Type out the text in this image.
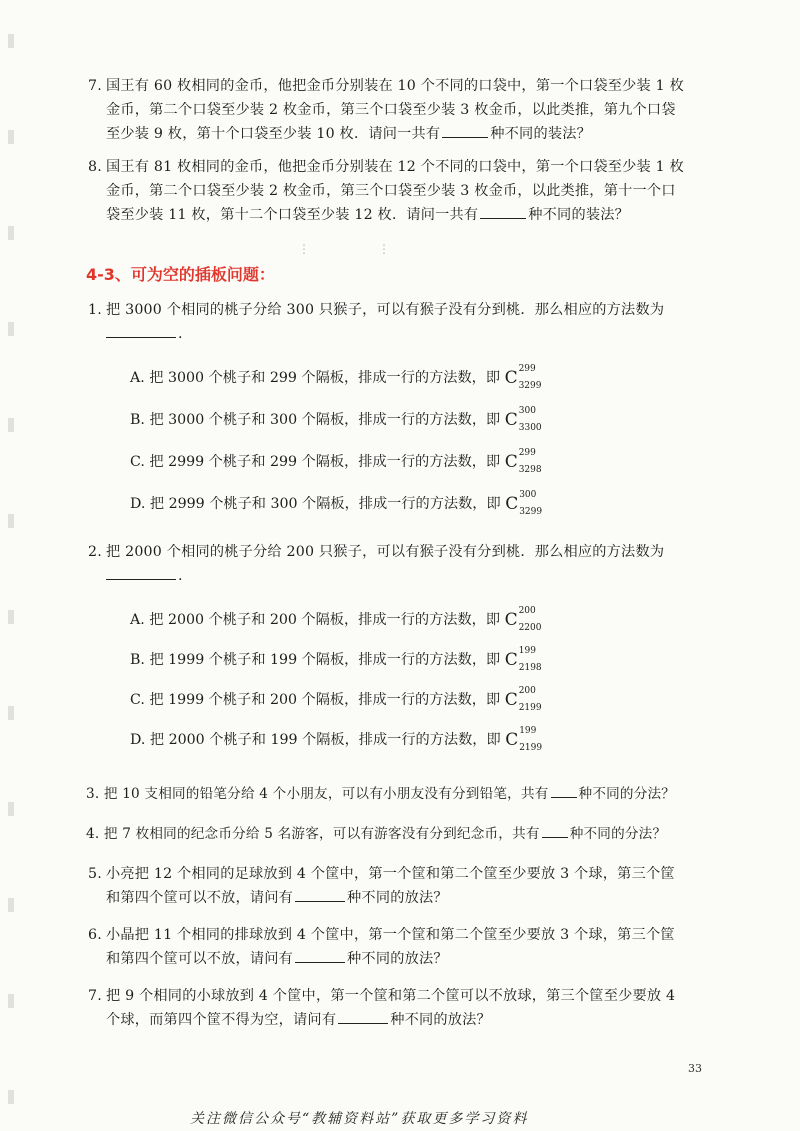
7. 国王有 60 枚相同的金币，他把金币分别装在 10 个不同的口袋中，第一个口袋至少装 1 枚
金币，第二个口袋至少装 2 枚金币，第三个口袋至少装 3 枚金币，以此类推，第九个口袋
至少装 9 枚，第十个口袋至少装 10 枚．请问一共有	种不同的装法？
8. 国王有 81 枚相同的金币，他把金币分别装在 12 个不同的口袋中，第一个口袋至少装 1 枚
金币，第二个口袋至少装 2 枚金币，第三个口袋至少装 3 枚金币，以此类推，第十一个口
袋至少装 11 枚，第十二个口袋至少装 12 枚．请问一共有	种不同的装法？
⋮	⋮
4-3、可为空的插板问题：
1. 把 3000 个相同的桃子分给 300 只猴子，可以有猴子没有分到桃．那么相应的方法数为
.
A. 把 3000 个桃子和 299 个隔板，排成一行的方法数，即 C 299
3299
B. 把 3000 个桃子和 300 个隔板，排成一行的方法数，即 C 300
3300
C. 把 2999 个桃子和 299 个隔板，排成一行的方法数，即 C 299
3298
D. 把 2999 个桃子和 300 个隔板，排成一行的方法数，即 C 300
3299
2. 把 2000 个相同的桃子分给 200 只猴子，可以有猴子没有分到桃．那么相应的方法数为
.
A. 把 2000 个桃子和 200 个隔板，排成一行的方法数，即 C 200
2200
B. 把 1999 个桃子和 199 个隔板，排成一行的方法数，即 C 199
2198
C. 把 1999 个桃子和 200 个隔板，排成一行的方法数，即 C 200
2199
D. 把 2000 个桃子和 199 个隔板，排成一行的方法数，即 C 199
2199
3. 把 10 支相同的铅笔分给 4 个小朋友，可以有小朋友没有分到铅笔，共有 种不同的分法？
4. 把 7 枚相同的纪念币分给 5 名游客，可以有游客没有分到纪念币，共有 种不同的分法？
5. 小亮把 12 个相同的足球放到 4 个筐中，第一个筐和第二个筐至少要放 3 个球，第三个筐
和第四个筐可以不放，请问有	种不同的放法？
6. 小晶把 11 个相同的排球放到 4 个筐中，第一个筐和第二个筐至少要放 3 个球，第三个筐
和第四个筐可以不放，请问有	种不同的放法？
7. 把 9 个相同的小球放到 4 个筐中，第一个筐和第二个筐可以不放球，第三个筐至少要放 4
个球，而第四个筐不得为空，请问有	种不同的放法？
33
关注微信公众号“教辅资料站”获取更多学习资料
